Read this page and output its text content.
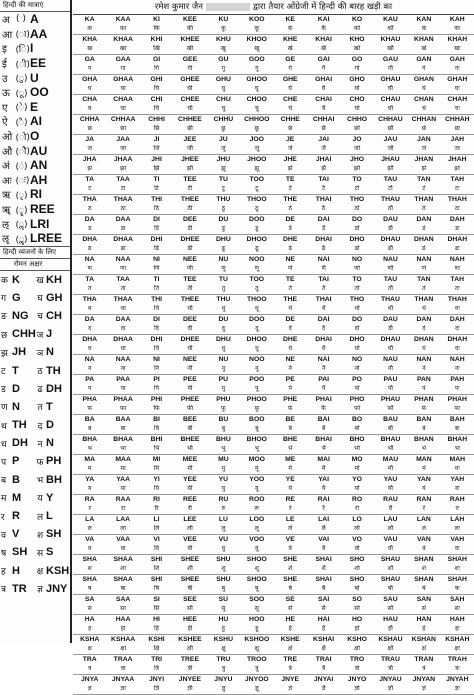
हिन्दी की मात्राएं
अ ( ) A
आ (ा) AA
इ	(ि) I
ई	(ी) EE
उ (ु) U
ऊ (ू) OO
ए (े) E
ऐ (ै) AI
ओ (ो) O
औ (ौ) AU
अं (ं) AN
अः (ः) AH
ऋ (ृ) RI
ॠ (ॄ) REE
ऌ (ॢ) LRI
ॡ (ॣ) LREE
हिन्दी व्यंजनों के लिए
रोमन अक्षर
क K	ख KH
ग G	घ GH
ङ NG च CH
छ CHH ज J
झ JH	ञ N
ट T	ठ TH
ड D	ढ DH
ण N	त T
थ TH	द D
ध DH	न N
प P	फ PH
ब B	भ BH
म M	य Y
र R	ल L
व V	श SH
ष SH	स S
ह H	क्ष KSH
त्र TR	ज्ञ JNY
रमेश कुमार जैन	द्वारा तैयार ओंग्रेजी में हिन्दी की बारह खड़ी का
KA	KAA	KI	KEE	KU	KOO	KE	KAI	KO	KAU	KAN	KAH
क	का	कि	की	कु	कू	के	कै	को	कौ	कं	कः
KHA	KHAA	KHI	KHEE	KHU	KHOO	KHE	KHAI	KHO	KHAU	KHAN	KHAH
ख	खा	खि	खी	खु	खू	खे	खै	खो	खौ	खं	खः
GA	GAA	GI	GEE	GU	GOO	GE	GAI	GO	GAU	GAN	GAH
ग	गा	गि	गी	गु	गू	गे	गै	गो	गौ	गं	गः
GHA	GHAA	GHI	GHEE	GHU	GHOO	GHE	GHAI	GHO	GHAU	GHAN	GHAH
घ	घा	घि	घी	घु	घू	घे	घै	घो	घौ	घं	घः
CHA	CHAA	CHI	CHEE	CHU	CHOO	CHE	CHAI	CHO	CHAU	CHAN	CHAH
च	चा	चि	ची	चु	चू	चे	चै	चो	चौ	चं	चः
CHHA	CHHAA	CHHI	CHHEE	CHHU	CHHOO	CHHE	CHHAI	CHHO	CHHAU	CHHAN	CHHAH
छ	छा	छि	छी	छु	छू	छे	छै	छो	छौ	छं	छः
JA	JAA	JI	JEE	JU	JOO	JE	JAI	JO	JAU	JAN	JAH
ज	जा	जि	जी	जु	जू	जे	जै	जो	जौ	जं	जः
JHA	JHAA	JHI	JHEE	JHU	JHOO	JHE	JHAI	JHO	JHAU	JHAN	JHAH
झ	झा	झि	झी	झु	झू	झे	झै	झो	झौ	झं	झः
TA	TAA	TI	TEE	TU	TOO	TE	TAI	TO	TAU	TAN	TAH
ट	टा	टि	टी	टु	टू	टे	टै	टो	टौ	टं	टः
THA	THAA	THI	THEE	THU	THOO	THE	THAI	THO	THAU	THAN	THAH
ठ	ठा	ठि	ठी	ठु	ठू	ठे	ठै	ठो	ठौ	ठं	ठः
DA	DAA	DI	DEE	DU	DOO	DE	DAI	DO	DAU	DAN	DAH
ड	डा	डि	डी	डु	डू	डे	डै	डो	डौ	डं	डः
DHA	DHAA	DHI	DHEE	DHU	DHOO	DHE	DHAI	DHO	DHAU	DHAN	DHAH
ढ	ढा	ढि	ढी	ढु	ढू	ढे	ढै	ढो	ढौ	ढं	ढः
NA	NAA	NI	NEE	NU	NOO	NE	NAI	NO	NAU	NAN	NAH
ण	णा	णि	णी	णु	णू	णे	णै	णो	णौ	णं	णः
TA	TAA	TI	TEE	TU	TOO	TE	TAI	TO	TAU	TAN	TAH
त	ता	ति	ती	तु	तू	ते	तै	तो	तौ	तं	तः
THA	THAA	THI	THEE	THU	THOO	THE	THAI	THO	THAU	THAN	THAH
थ	था	थि	थी	थु	थू	थे	थै	थो	थौ	थं	थः
DA	DAA	DI	DEE	DU	DOO	DE	DAI	DO	DAU	DAN	DAH
द	दा	दि	दी	दु	दू	दे	दै	दो	दौ	दं	दः
DHA	DHAA	DHI	DHEE	DHU	DHOO	DHE	DHAI	DHO	DHAU	DHAN	DHAH
ध	धा	धि	धी	धु	धू	धे	धै	धो	धौ	धं	धः
NA	NAA	NI	NEE	NU	NOO	NE	NAI	NO	NAU	NAN	NAH
न	ना	नि	नी	नु	नू	ने	नै	नो	नौ	नं	नः
PA	PAA	PI	PEE	PU	POO	PE	PAI	PO	PAU	PAN	PAH
प	पा	पि	पी	पु	पू	पे	पै	पो	पौ	पं	पः
PHA	PHAA	PHI	PHEE	PHU	PHOO	PHE	PHAI	PHO	PHAU	PHAN	PHAH
फ	फा	फि	फी	फु	फू	फे	फै	फो	फौ	फं	फः
BA	BAA	BI	BEE	BU	BOO	BE	BAI	BO	BAU	BAN	BAH
ब	बा	बि	बी	बु	बू	बे	बै	बो	बौ	बं	बः
BHA	BHAA	BHI	BHEE	BHU	BHOO	BHE	BHAI	BHO	BHAU	BHAN	BHAH
भ	भा	भि	भी	भु	भू	भे	भै	भो	भौ	भं	भः
MA	MAA	MI	MEE	MU	MOO	ME	MAI	MO	MAU	MAN	MAH
म	मा	मि	मी	मु	मू	मे	मै	मो	मौ	मं	मः
YA	YAA	YI	YEE	YU	YOO	YE	YAI	YO	YAU	YAN	YAH
य	या	यि	यी	यु	यू	ये	यै	यो	यौ	यं	यः
RA	RAA	RI	REE	RU	ROO	RE	RAI	RO	RAU	RAN	RAH
र	रा	रि	री	रु	रू	रे	रै	रो	रौ	रं	रः
LA	LAA	LI	LEE	LU	LOO	LE	LAI	LO	LAU	LAN	LAH
ल	ला	लि	ली	लु	लू	ले	लै	लो	लौ	लं	लः
VA	VAA	VI	VEE	VU	VOO	VE	VAI	VO	VAU	VAN	VAH
व	वा	वि	वी	वु	वू	वे	वै	वो	वौ	वं	वः
SHA	SHAA	SHI	SHEE	SHU	SHOO	SHE	SHAI	SHO	SHAU	SHAN	SHAH
श	शा	शि	शी	शु	शू	शे	शै	शो	शौ	शं	शः
SHA	SHAA	SHI	SHEE	SHU	SHOO	SHE	SHAI	SHO	SHAU	SHAN	SHAH
ष	षा	षि	षी	षु	षू	षे	षै	षो	षौ	षं	षः
SA	SAA	SI	SEE	SU	SOO	SE	SAI	SO	SAU	SAN	SAH
स	सा	सि	सी	सु	सू	से	सै	सो	सौ	सं	सः
HA	HAA	HI	HEE	HU	HOO	HE	HAI	HO	HAU	HAN	HAH
ह	हा	हि	ही	हु	हू	हे	है	हो	हौ	हं	हः
KSHA	KSHAA	KSHI	KSHEE	KSHU	KSHOO	KSHE	KSHAI	KSHO	KSHAU	KSHAN	KSHAH
क्ष	क्षा	क्षि	क्षी	क्षु	क्षू	क्षे	क्षै	क्षो	क्षौ	क्षं	क्षः
TRA	TRAA	TRI	TREE	TRU	TROO	TRE	TRAI	TRO	TRAU	TRAN	TRAH
त्र	त्रा	त्रि	त्री	त्रु	त्रू	त्रे	त्रै	त्रो	त्रौ	त्रं	त्रः
JNYA	JNYAA	JNYI	JNYEE	JNYU	JNYOO	JNYE	JNYAI	JNYO	JNYAU	JNYAN	JNYAH
ज्ञ	ज्ञा	ज्ञि	ज्ञी	ज्ञु	ज्ञू	ज्ञे	ज्ञै	ज्ञो	ज्ञौ	ज्ञं	ज्ञः
